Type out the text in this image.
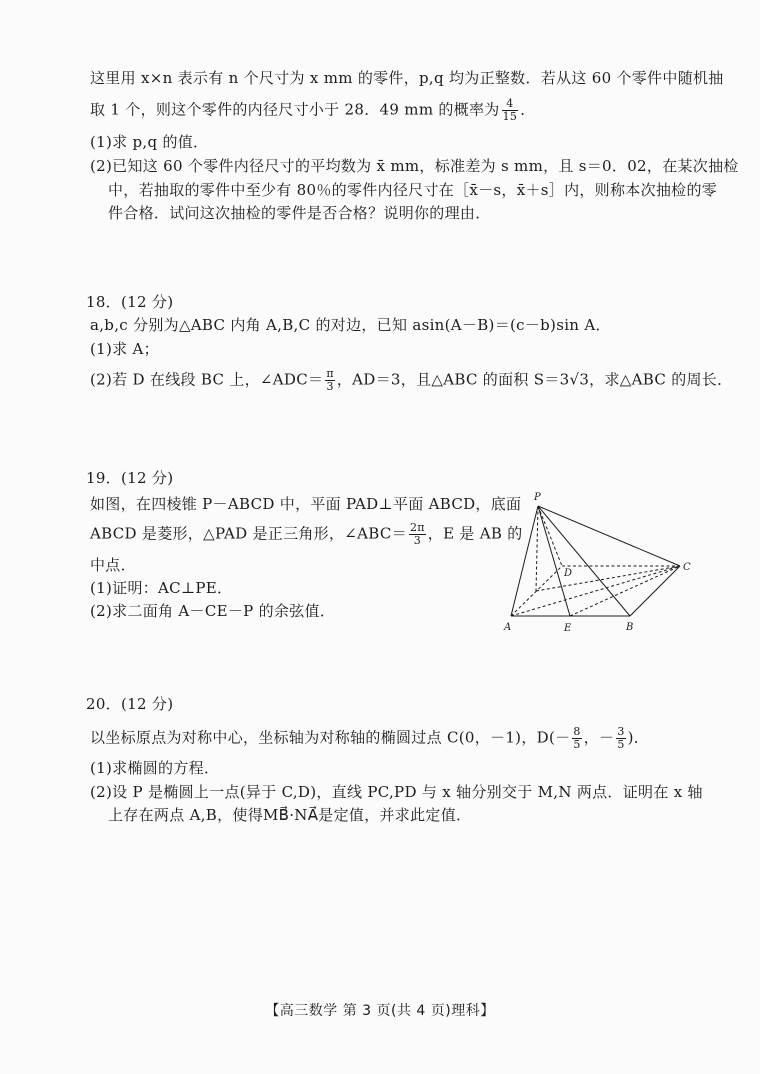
这里用 x×n 表示有 n 个尺寸为 x mm 的零件，p,q 均为正整数．若从这 60 个零件中随机抽
取 1 个，则这个零件的内径尺寸小于 28．49 mm 的概率为 $\frac{4}{15}$ ．
(1)求 p,q 的值．
(2)已知这 60 个零件内径尺寸的平均数为 x̄ mm，标准差为 s mm，且 s＝0．02，在某次抽检
中，若抽取的零件中至少有 80％的零件内径尺寸在［x̄－s，x̄＋s］内，则称本次抽检的零
件合格．试问这次抽检的零件是否合格？说明你的理由．
18．(12 分)
a,b,c 分别为△ABC 内角 A,B,C 的对边，已知 asin(A－B)＝(c－b)sin A．
(1)求 A；
(2)若 D 在线段 BC 上，∠ADC＝ $\frac{\pi}{3}$ ，AD＝3，且△ABC 的面积 S＝3√3，求△ABC 的周长．
19．(12 分)
如图，在四棱锥 P－ABCD 中，平面 PAD⊥平面 ABCD，底面
ABCD 是菱形，△PAD 是正三角形，∠ABC＝ $\frac{2\pi}{3}$ ，E 是 AB 的
中点．
(1)证明：AC⊥PE．
(2)求二面角 A－CE－P 的余弦值．
P
D
C
A	E	B
20．(12 分)
以坐标原点为对称中心，坐标轴为对称轴的椭圆过点 C(0，－1)，$D(- \frac{8}{5}$ ，－ $\frac{3}{5}$ )．
(1)求椭圆的方程．
(2)设 P 是椭圆上一点(异于 C,D)，直线 PC,PD 与 x 轴分别交于 M,N 两点．证明在 x 轴
上存在两点 A,B，使得MB⃗·NA⃗是定值，并求此定值．
【高三数学 第 3 页(共 4 页)理科】
